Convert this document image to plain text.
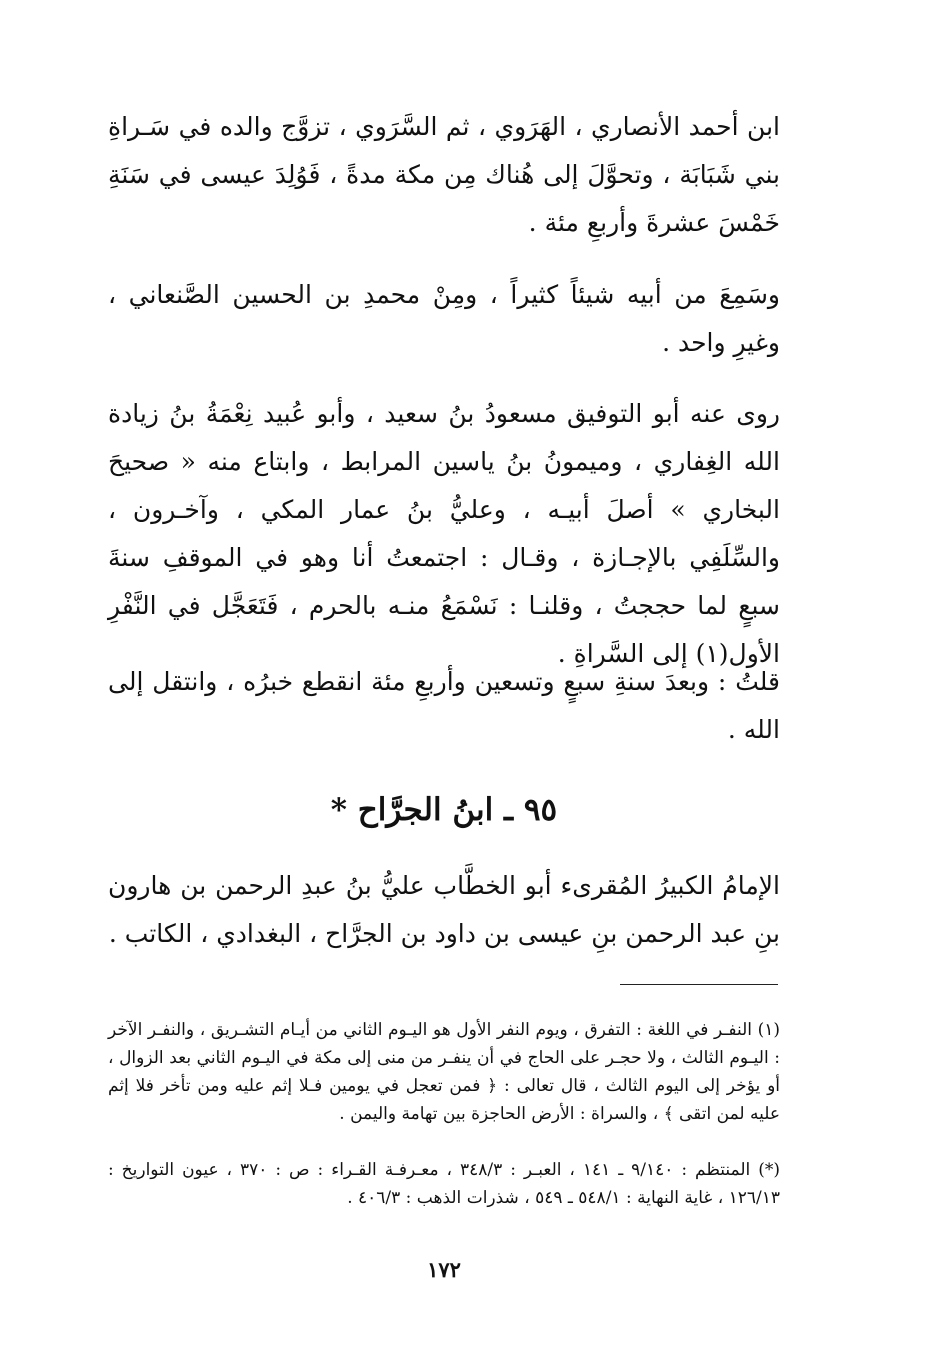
ابن أحمد الأنصاري ، الهَرَوي ، ثم السَّرَوي ، تزوَّج والده في سَـراةِ بني شَبَابَة ، وتحوَّلَ إلى هُناك مِن مكة مدةً ، فَوُلِدَ عيسى في سَنَةِ خَمْسَ عشرةَ وأربعِ مئة .

وسَمِعَ من أبيه شيئاً كثيراً ، ومِنْ محمدِ بن الحسين الصَّنعاني ، وغيرِ واحد .

روى عنه أبو التوفيق مسعودُ بنُ سعيد ، وأبو عُبيد نِعْمَةُ بنُ زيادة الله الغِفاري ، وميمونُ بنُ ياسين المرابط ، وابتاع منه « صحيحَ البخاري » أصلَ أبيـه ، وعليُّ بنُ عمار المكي ، وآخـرون ، والسِّلَفِي بالإجـازة ، وقـال : اجتمعتُ أنا وهو في الموقفِ سنةَ سبعٍ لما حججتُ ، وقلنـا : نَسْمَعُ منـه بالحرم ، فَتَعَجَّل في النَّفْرِ الأول(١) إلى السَّراةِ .

قلتُ : وبعدَ سنةِ سبعٍ وتسعين وأربعِ مئة انقطع خبرُه ، وانتقل إلى الله .

٩٥ ـ ابنُ الجرَّاح *

الإمامُ الكبيرُ المُقرىء أبو الخطَّاب عليُّ بنُ عبدِ الرحمن بن هارون بنِ عبد الرحمن بنِ عيسى بن داود بن الجرَّاح ، البغدادي ، الكاتب .

(١) النفـر في اللغة : التفرق ، ويوم النفر الأول هو اليـوم الثاني من أيـام التشـريق ، والنفـر الآخر : اليـوم الثالث ، ولا حجـر على الحاج في أن ينفـر من منى إلى مكة في اليـوم الثاني بعد الزوال ، أو يؤخر إلى اليوم الثالث ، قال تعالى : ﴿ فمن تعجل في يومين فـلا إثم عليه ومن تأخر فلا إثم عليه لمن اتقى ﴾ ، والسراة : الأرض الحاجزة بين تهامة واليمن .

(*) المنتظم : ٩/١٤٠ ـ ١٤١ ، العبـر : ٣٤٨/٣ ، معـرفـة القـراء : ص : ٣٧٠ ، عيون التواريخ : ١٢٦/١٣ ، غاية النهاية : ٥٤٨/١ ـ ٥٤٩ ، شذرات الذهب : ٤٠٦/٣ .

١٧٢
